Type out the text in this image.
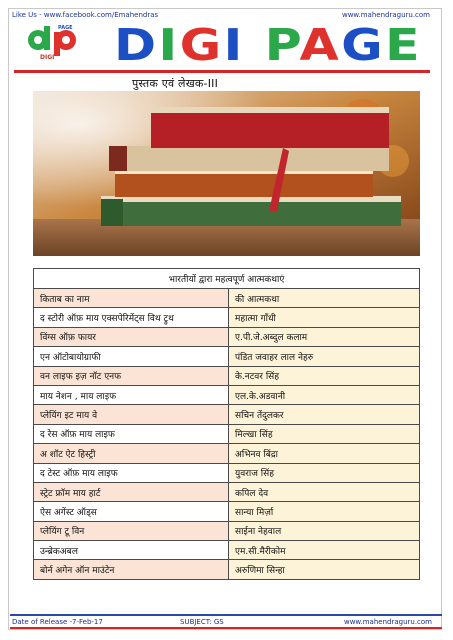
Like Us - www.facebook.com/Emahendras	www.mahendraguru.com
PAGE
DIGI D IG I P A G E
पुस्तक एवं लेखक-III
भारतीयों द्वारा महत्वपूर्ण आत्मकथाएं	
किताब का नाम	की आत्मकथा
द स्टोरी ऑफ़ माय एक्सपेरिमेंट्स विथ ट्रुथ	महात्मा गाँधी
विंग्स ऑफ़ फायर	ए.पी.जे.अब्दुल कलाम
एन ऑटोबायोग्राफी	पंडित जवाहर लाल नेहरु
वन लाइफ इज़ नॉट एनफ	के.नटवर सिंह
माय नेशन , माय लाइफ	एल.के.अडवानी
प्लेयिंग इट माय वे	सचिन तेंदुलकर
द रेस ऑफ़ माय लाइफ	मिल्खा सिंह
अ शॉट ऐट हिस्ट्री	अभिनव बिंद्रा
द टेस्ट ऑफ़ माय लाइफ	युवराज सिंह
स्ट्रेट फ्रॉम माय हार्ट	कपिल देव
ऐस अगेंस्ट ऑड्स	सान्या मिर्ज़ा
प्लेयिंग टू विन	साईना नेहवाल
उन्ब्रेकअबल	एम.सी.मैरीकोम
बोर्न अगेन ऑन माउंटेन	अरुणिमा सिन्हा
Date of Release -7-Feb-17	SUBJECT: GS	www.mahendraguru.com
